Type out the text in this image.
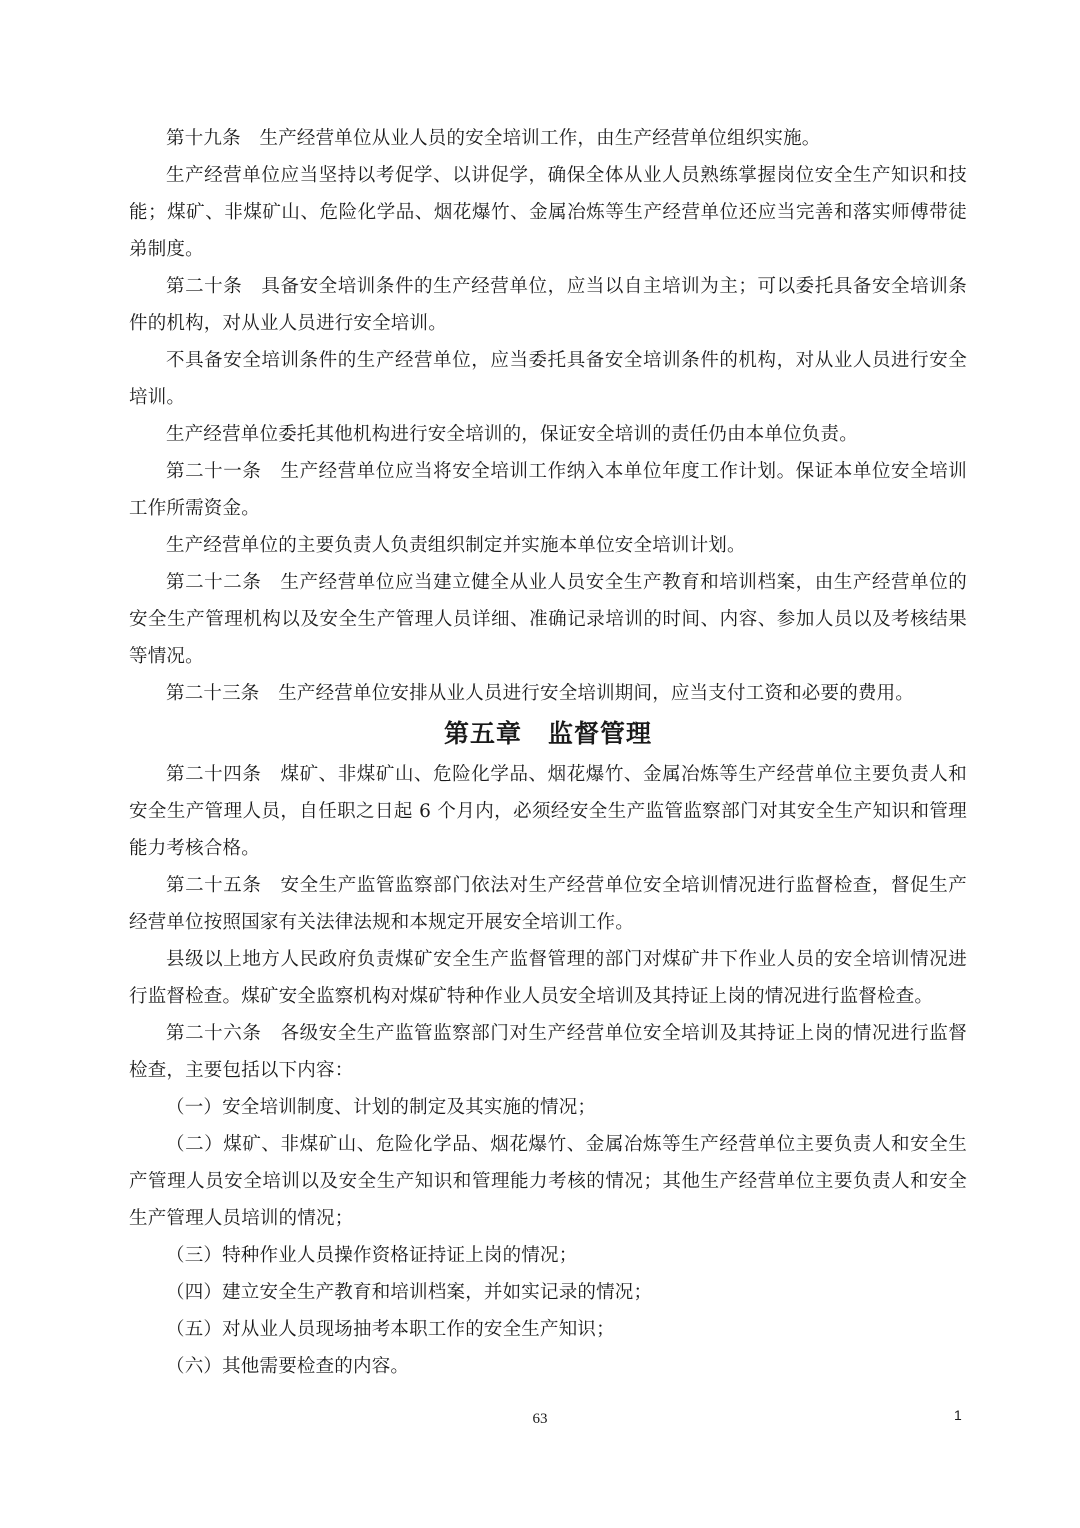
第十九条　生产经营单位从业人员的安全培训工作，由生产经营单位组织实施。

生产经营单位应当坚持以考促学、以讲促学，确保全体从业人员熟练掌握岗位安全生产知识和技能；煤矿、非煤矿山、危险化学品、烟花爆竹、金属冶炼等生产经营单位还应当完善和落实师傅带徒弟制度。

第二十条　具备安全培训条件的生产经营单位，应当以自主培训为主；可以委托具备安全培训条件的机构，对从业人员进行安全培训。

不具备安全培训条件的生产经营单位，应当委托具备安全培训条件的机构，对从业人员进行安全培训。

生产经营单位委托其他机构进行安全培训的，保证安全培训的责任仍由本单位负责。

第二十一条　生产经营单位应当将安全培训工作纳入本单位年度工作计划。保证本单位安全培训工作所需资金。

生产经营单位的主要负责人负责组织制定并实施本单位安全培训计划。

第二十二条　生产经营单位应当建立健全从业人员安全生产教育和培训档案，由生产经营单位的安全生产管理机构以及安全生产管理人员详细、准确记录培训的时间、内容、参加人员以及考核结果等情况。

第二十三条　生产经营单位安排从业人员进行安全培训期间，应当支付工资和必要的费用。

第五章　监督管理

第二十四条　煤矿、非煤矿山、危险化学品、烟花爆竹、金属冶炼等生产经营单位主要负责人和安全生产管理人员，自任职之日起 6 个月内，必须经安全生产监管监察部门对其安全生产知识和管理能力考核合格。

第二十五条　安全生产监管监察部门依法对生产经营单位安全培训情况进行监督检查，督促生产经营单位按照国家有关法律法规和本规定开展安全培训工作。

县级以上地方人民政府负责煤矿安全生产监督管理的部门对煤矿井下作业人员的安全培训情况进行监督检查。煤矿安全监察机构对煤矿特种作业人员安全培训及其持证上岗的情况进行监督检查。

第二十六条　各级安全生产监管监察部门对生产经营单位安全培训及其持证上岗的情况进行监督检查，主要包括以下内容：

（一）安全培训制度、计划的制定及其实施的情况；

（二）煤矿、非煤矿山、危险化学品、烟花爆竹、金属冶炼等生产经营单位主要负责人和安全生产管理人员安全培训以及安全生产知识和管理能力考核的情况；其他生产经营单位主要负责人和安全生产管理人员培训的情况；

（三）特种作业人员操作资格证持证上岗的情况；

（四）建立安全生产教育和培训档案，并如实记录的情况；

（五）对从业人员现场抽考本职工作的安全生产知识；

（六）其他需要检查的内容。

63	1
